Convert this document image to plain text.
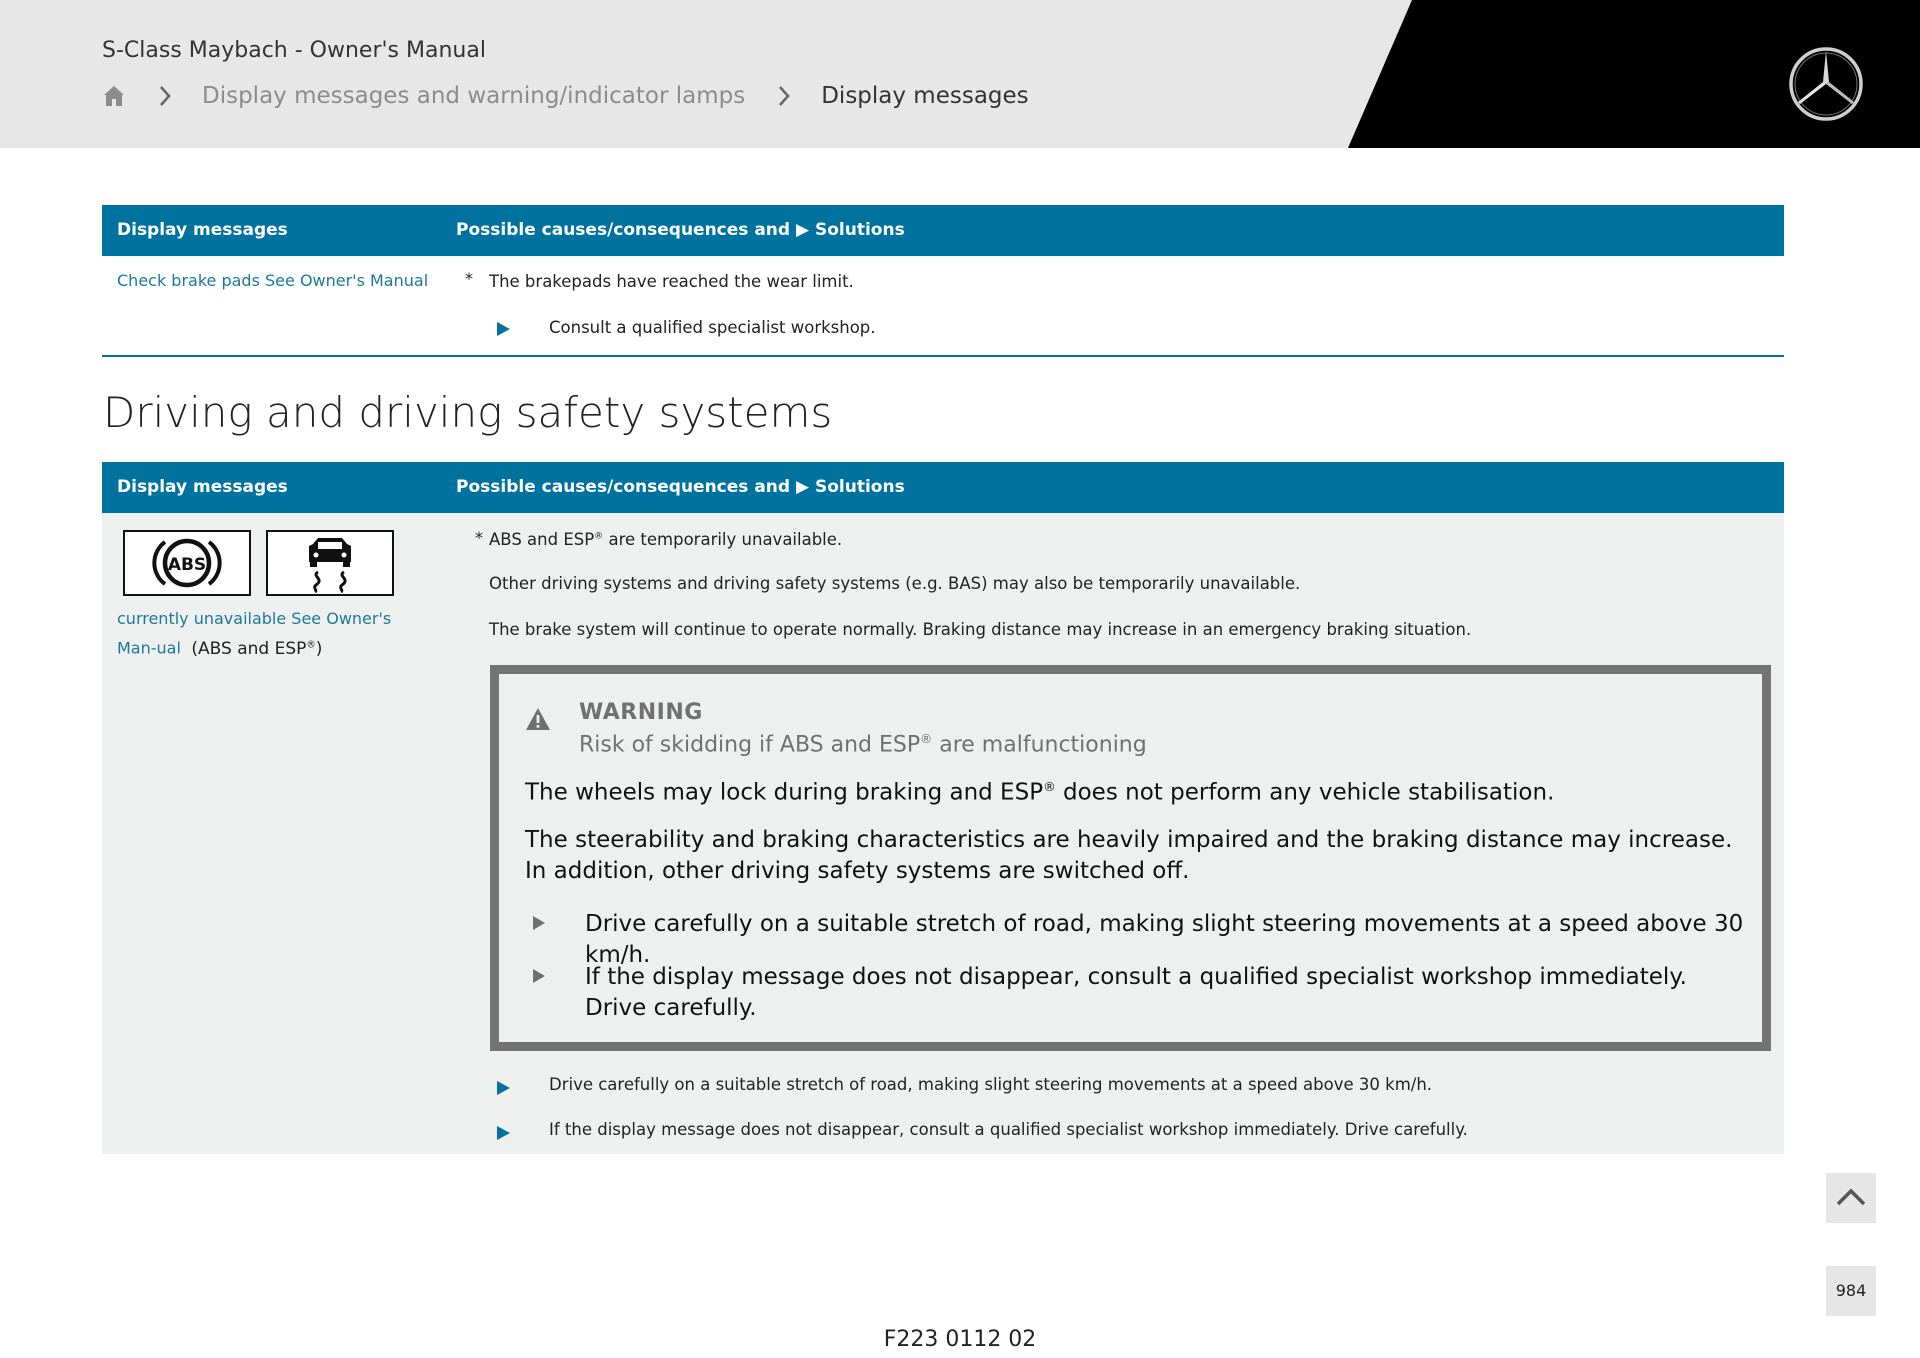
S-Class Maybach - Owner's Manual
Display messages and warning/indicator lamps	Display messages
Display messages	Possible causes/consequences and ▶ Solutions
Check brake pads See Owner's Manual * The brakepads have reached the wear limit.
Consult a qualified specialist workshop.
Driving and driving safety systems
Display messages	Possible causes/consequences and ▶ Solutions
ABS
currently unavailable See Owner's Man-ual (ABS and ESP®)
* ABS and ESP® are temporarily unavailable.
Other driving systems and driving safety systems (e.g. BAS) may also be temporarily unavailable.
The brake system will continue to operate normally. Braking distance may increase in an emergency braking situation.
WARNING
Risk of skidding if ABS and ESP® are malfunctioning
The wheels may lock during braking and ESP® does not perform any vehicle stabilisation.
The steerability and braking characteristics are heavily impaired and the braking distance may increase. In addition, other driving safety systems are switched off.
Drive carefully on a suitable stretch of road, making slight steering movements at a speed above 30 km/h.
If the display message does not disappear, consult a qualified specialist workshop immediately. Drive carefully.
Drive carefully on a suitable stretch of road, making slight steering movements at a speed above 30 km/h.
If the display message does not disappear, consult a qualified specialist workshop immediately. Drive carefully.
984
F223 0112 02
